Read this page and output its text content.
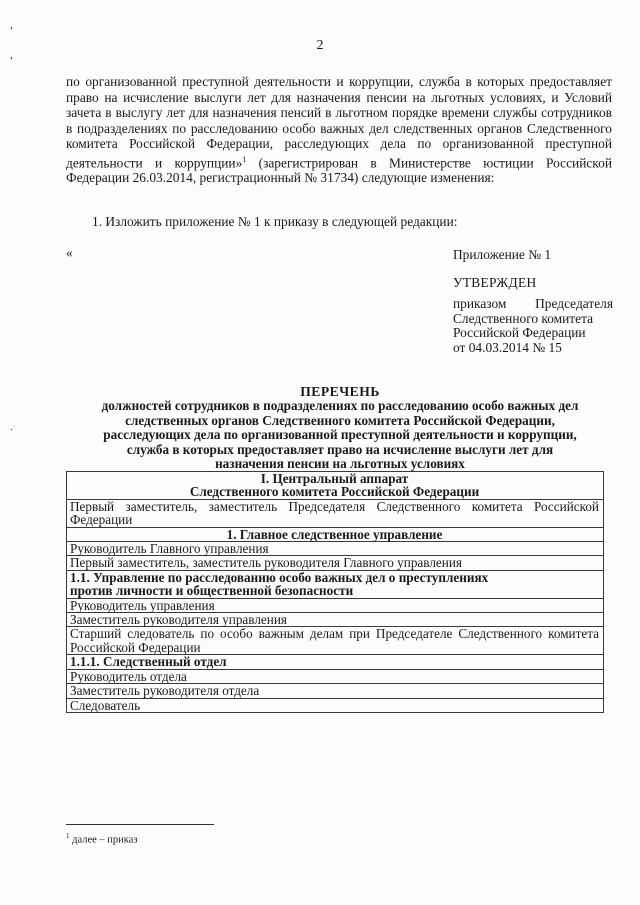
,
,
.
2

по организованной преступной деятельности и коррупции, служба в которых предоставляет право на исчисление выслуги лет для назначения пенсии на льготных условиях, и Условий зачета в выслугу лет для назначения пенсий в льготном порядке времени службы сотрудников в подразделениях по расследованию особо важных дел следственных органов Следственного комитета Российской Федерации, расследующих дела по организованной преступной деятельности и коррупции»$^1$ (зарегистрирован в Министерстве юстиции Российской Федерации 26.03.2014, регистрационный № 31734) следующие изменения:

1. Изложить приложение № 1 к приказу в следующей редакции:
«	Приложение № 1
УТВЕРЖДЕН
приказом Председателя
Следственного комитета
Российской Федерации
от 04.03.2014 № 15
ПЕРЕЧЕНЬ
должностей сотрудников в подразделениях по расследованию особо важных дел
следственных органов Следственного комитета Российской Федерации,
расследующих дела по организованной преступной деятельности и коррупции,
служба в которых предоставляет право на исчисление выслуги лет для
назначения пенсии на льготных условиях
I. Центральный аппарат
Следственного комитета Российской Федерации

Первый заместитель, заместитель Председателя Следственного комитета Российской Федерации

1. Главное следственное управление

Руководитель Главного управления

Первый заместитель, заместитель руководителя Главного управления

1.1. Управление по расследованию особо важных дел о преступлениях
против личности и общественной безопасности

Руководитель управления

Заместитель руководителя управления

Старший следователь по особо важным делам при Председателе Следственного комитета Российской Федерации

1.1.1. Следственный отдел

Руководитель отдела

Заместитель руководителя отдела

Следователь
$^1$ далее – приказ
